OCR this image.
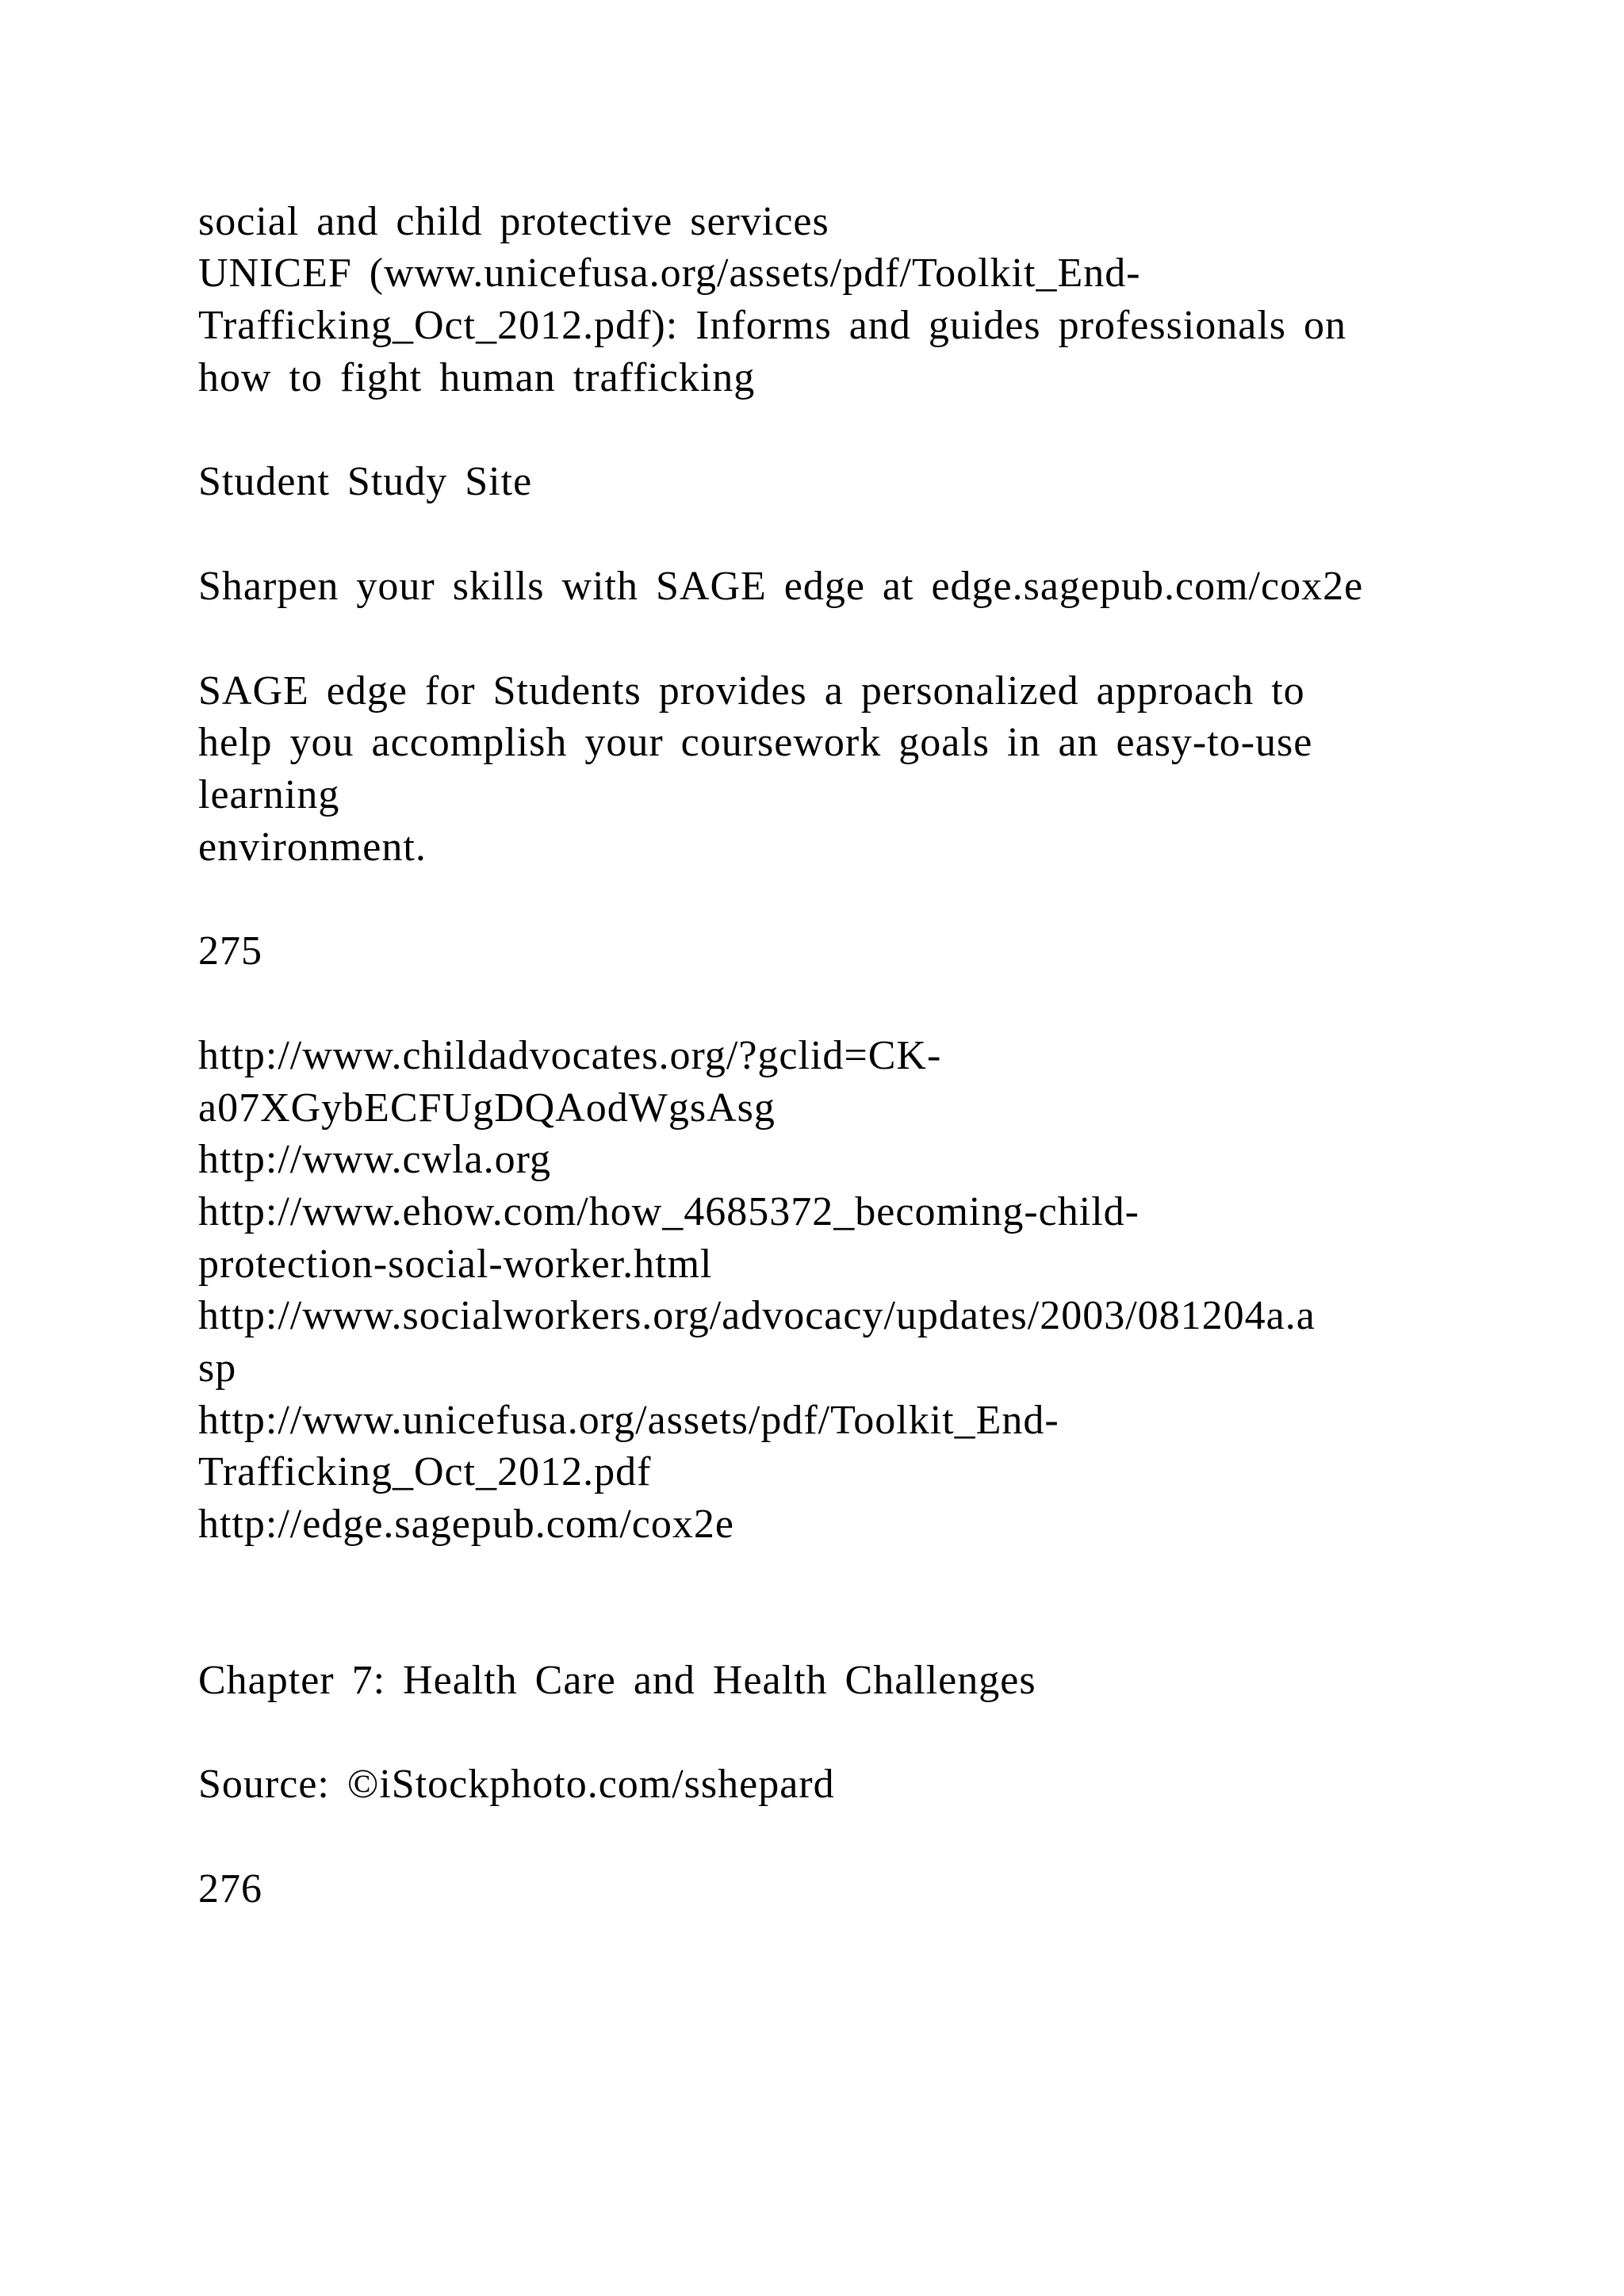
social and child protective services

UNICEF (www.unicefusa.org/assets/pdf/Toolkit_End-

Trafficking_Oct_2012.pdf): Informs and guides professionals on

how to fight human trafficking

Student Study Site

Sharpen your skills with SAGE edge at edge.sagepub.com/cox2e

SAGE edge for Students provides a personalized approach to

help you accomplish your coursework goals in an easy-to-use

learning

environment.

275

http://www.childadvocates.org/?gclid=CK-

a07XGybECFUgDQAodWgsAsg

http://www.cwla.org

http://www.ehow.com/how_4685372_becoming-child-

protection-social-worker.html

http://www.socialworkers.org/advocacy/updates/2003/081204a.a

sp

http://www.unicefusa.org/assets/pdf/Toolkit_End-

Trafficking_Oct_2012.pdf

http://edge.sagepub.com/cox2e

Chapter 7: Health Care and Health Challenges

Source: ©iStockphoto.com/sshepard

276
